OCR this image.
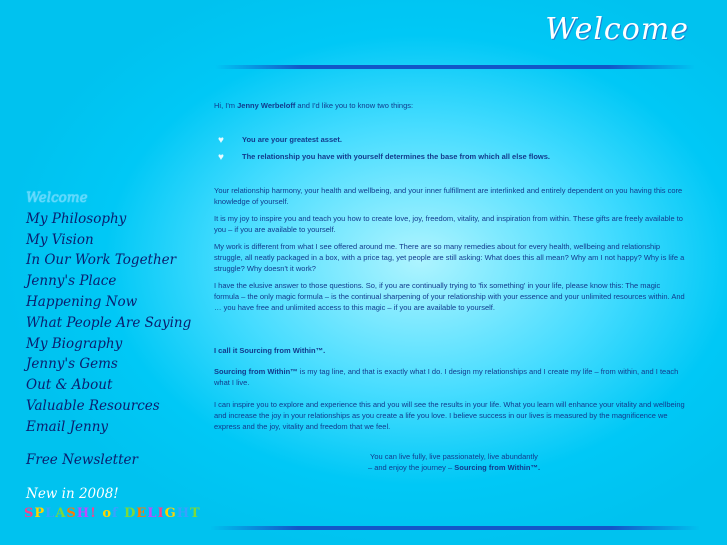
Welcome
Welcome
My Philosophy
My Vision
In Our Work Together
Jenny's Place
Happening Now
What People Are Saying
My Biography
Jenny's Gems
Out & About
Valuable Resources
Email Jenny
Free Newsletter
New in 2008!
SPLASH! of DELIGHT

Hi, I'm Jenny Werbeloff and I'd like you to know two things:

♥ You are your greatest asset.
♥ The relationship you have with yourself determines the base from which all else flows.

Your relationship harmony, your health and wellbeing, and your inner fulfillment are interlinked and entirely dependent on you having this core knowledge of yourself.

It is my joy to inspire you and teach you how to create love, joy, freedom, vitality, and inspiration from within. These gifts are freely available to you – if you are available to yourself.

My work is different from what I see offered around me. There are so many remedies about for every health, wellbeing and relationship struggle, all neatly packaged in a box, with a price tag, yet people are still asking: What does this all mean? Why am I not happy? Why is life a struggle? Why doesn't it work?

I have the elusive answer to those questions. So, if you are continually trying to 'fix something' in your life, please know this: The magic formula – the only magic formula – is the continual sharpening of your relationship with your essence and your unlimited resources within. And … you have free and unlimited access to this magic – if you are available to yourself.

I call it Sourcing from Within™.

Sourcing from Within™ is my tag line, and that is exactly what I do. I design my relationships and I create my life – from within, and I teach what I live.

I can inspire you to explore and experience this and you will see the results in your life. What you learn will enhance your vitality and wellbeing and increase the joy in your relationships as you create a life you love. I believe success in our lives is measured by the magnificence we express and the joy, vitality and freedom that we feel.

You can live fully, live passionately, live abundantly
– and enjoy the journey – Sourcing from Within™.
